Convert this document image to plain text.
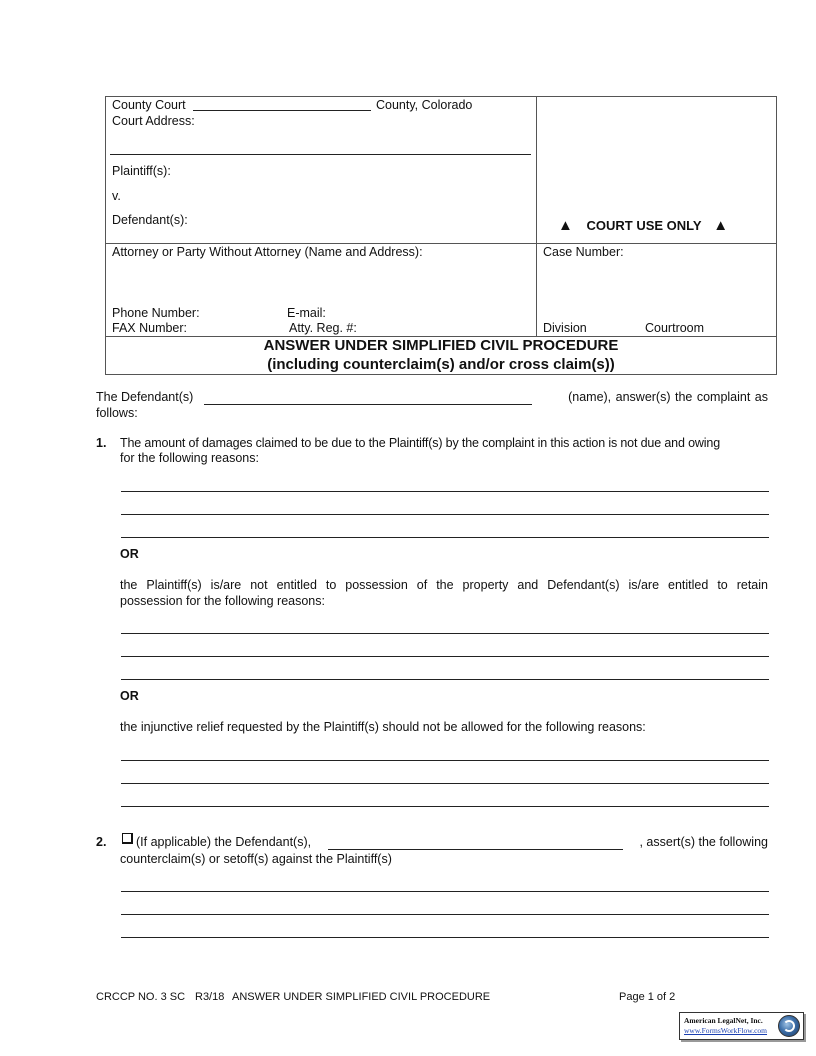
County Court	County, Colorado
Court Address:
Plaintiff(s):
v.
Defendant(s):	▲ COURT USE ONLY ▲
Attorney or Party Without Attorney (Name and Address):
Phone Number:	E-mail:
FAX Number:	Atty. Reg. #:
Case Number:
Division	Courtroom
ANSWER UNDER SIMPLIFIED CIVIL PROCEDURE
(including counterclaim(s) and/or cross claim(s))
The Defendant(s)	(name), answer(s) the complaint as
follows:
1. The amount of damages claimed to be due to the Plaintiff(s) by the complaint in this action is not due and owing
for the following reasons:
OR
the Plaintiff(s) is/are not entitled to possession of the property and Defendant(s) is/are entitled to retain
possession for the following reasons:
OR
the injunctive relief requested by the Plaintiff(s) should not be allowed for the following reasons:
2. (If applicable) the Defendant(s),	, assert(s) the following
counterclaim(s) or setoff(s) against the Plaintiff(s)
CRCCP NO. 3 SC R3/18 ANSWER UNDER SIMPLIFIED CIVIL PROCEDURE	Page 1 of 2
American LegalNet, Inc.
www.FormsWorkFlow.com
